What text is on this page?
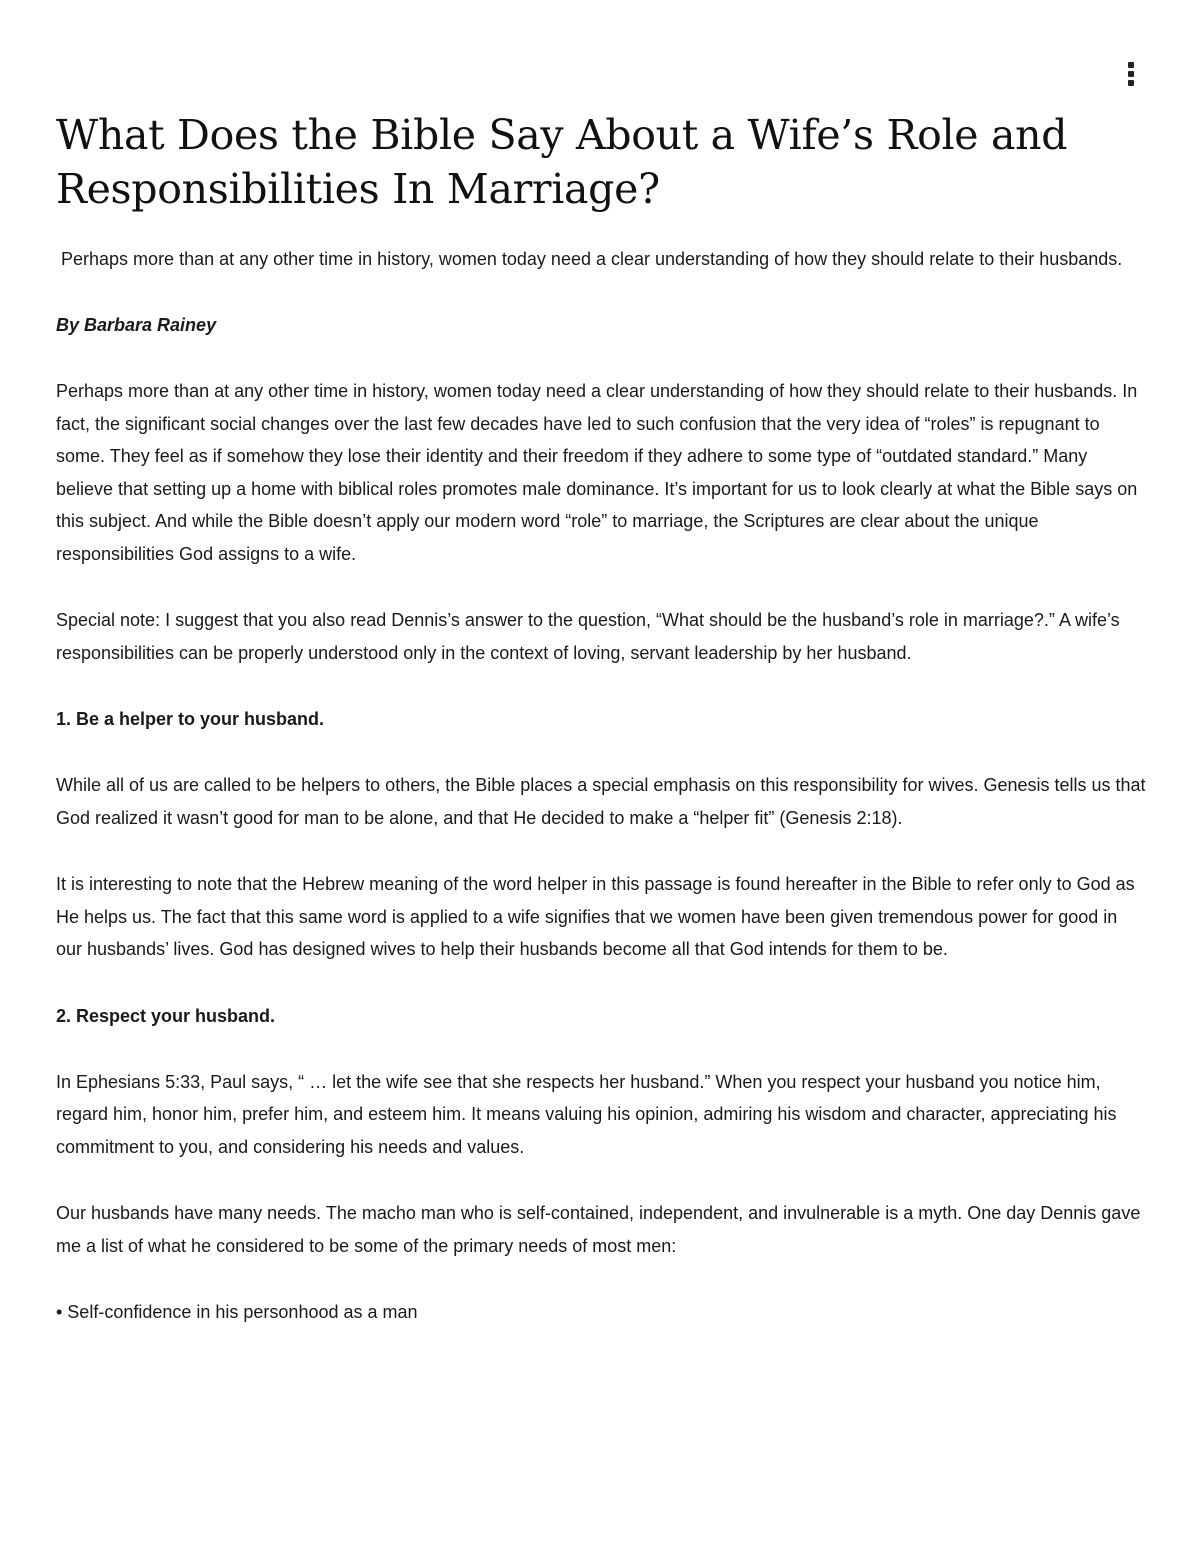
What Does the Bible Say About a Wife’s Role and Responsibilities In Marriage?

Perhaps more than at any other time in history, women today need a clear understanding of how they should relate to their husbands.

By Barbara Rainey

Perhaps more than at any other time in history, women today need a clear understanding of how they should relate to their husbands. In fact, the significant social changes over the last few decades have led to such confusion that the very idea of “roles” is repugnant to some. They feel as if somehow they lose their identity and their freedom if they adhere to some type of “outdated standard.” Many believe that setting up a home with biblical roles promotes male dominance. It’s important for us to look clearly at what the Bible says on this subject. And while the Bible doesn’t apply our modern word “role” to marriage, the Scriptures are clear about the unique responsibilities God assigns to a wife.

Special note: I suggest that you also read Dennis’s answer to the question, “What should be the husband’s role in marriage?.” A wife’s responsibilities can be properly understood only in the context of loving, servant leadership by her husband.

1. Be a helper to your husband.

While all of us are called to be helpers to others, the Bible places a special emphasis on this responsibility for wives. Genesis tells us that God realized it wasn’t good for man to be alone, and that He decided to make a “helper fit” (Genesis 2:18).

It is interesting to note that the Hebrew meaning of the word helper in this passage is found hereafter in the Bible to refer only to God as He helps us. The fact that this same word is applied to a wife signifies that we women have been given tremendous power for good in our husbands’ lives. God has designed wives to help their husbands become all that God intends for them to be.

2. Respect your husband.

In Ephesians 5:33, Paul says, “ … let the wife see that she respects her husband.” When you respect your husband you notice him, regard him, honor him, prefer him, and esteem him. It means valuing his opinion, admiring his wisdom and character, appreciating his commitment to you, and considering his needs and values.

Our husbands have many needs. The macho man who is self-contained, independent, and invulnerable is a myth. One day Dennis gave me a list of what he considered to be some of the primary needs of most men:

• Self-confidence in his personhood as a man
